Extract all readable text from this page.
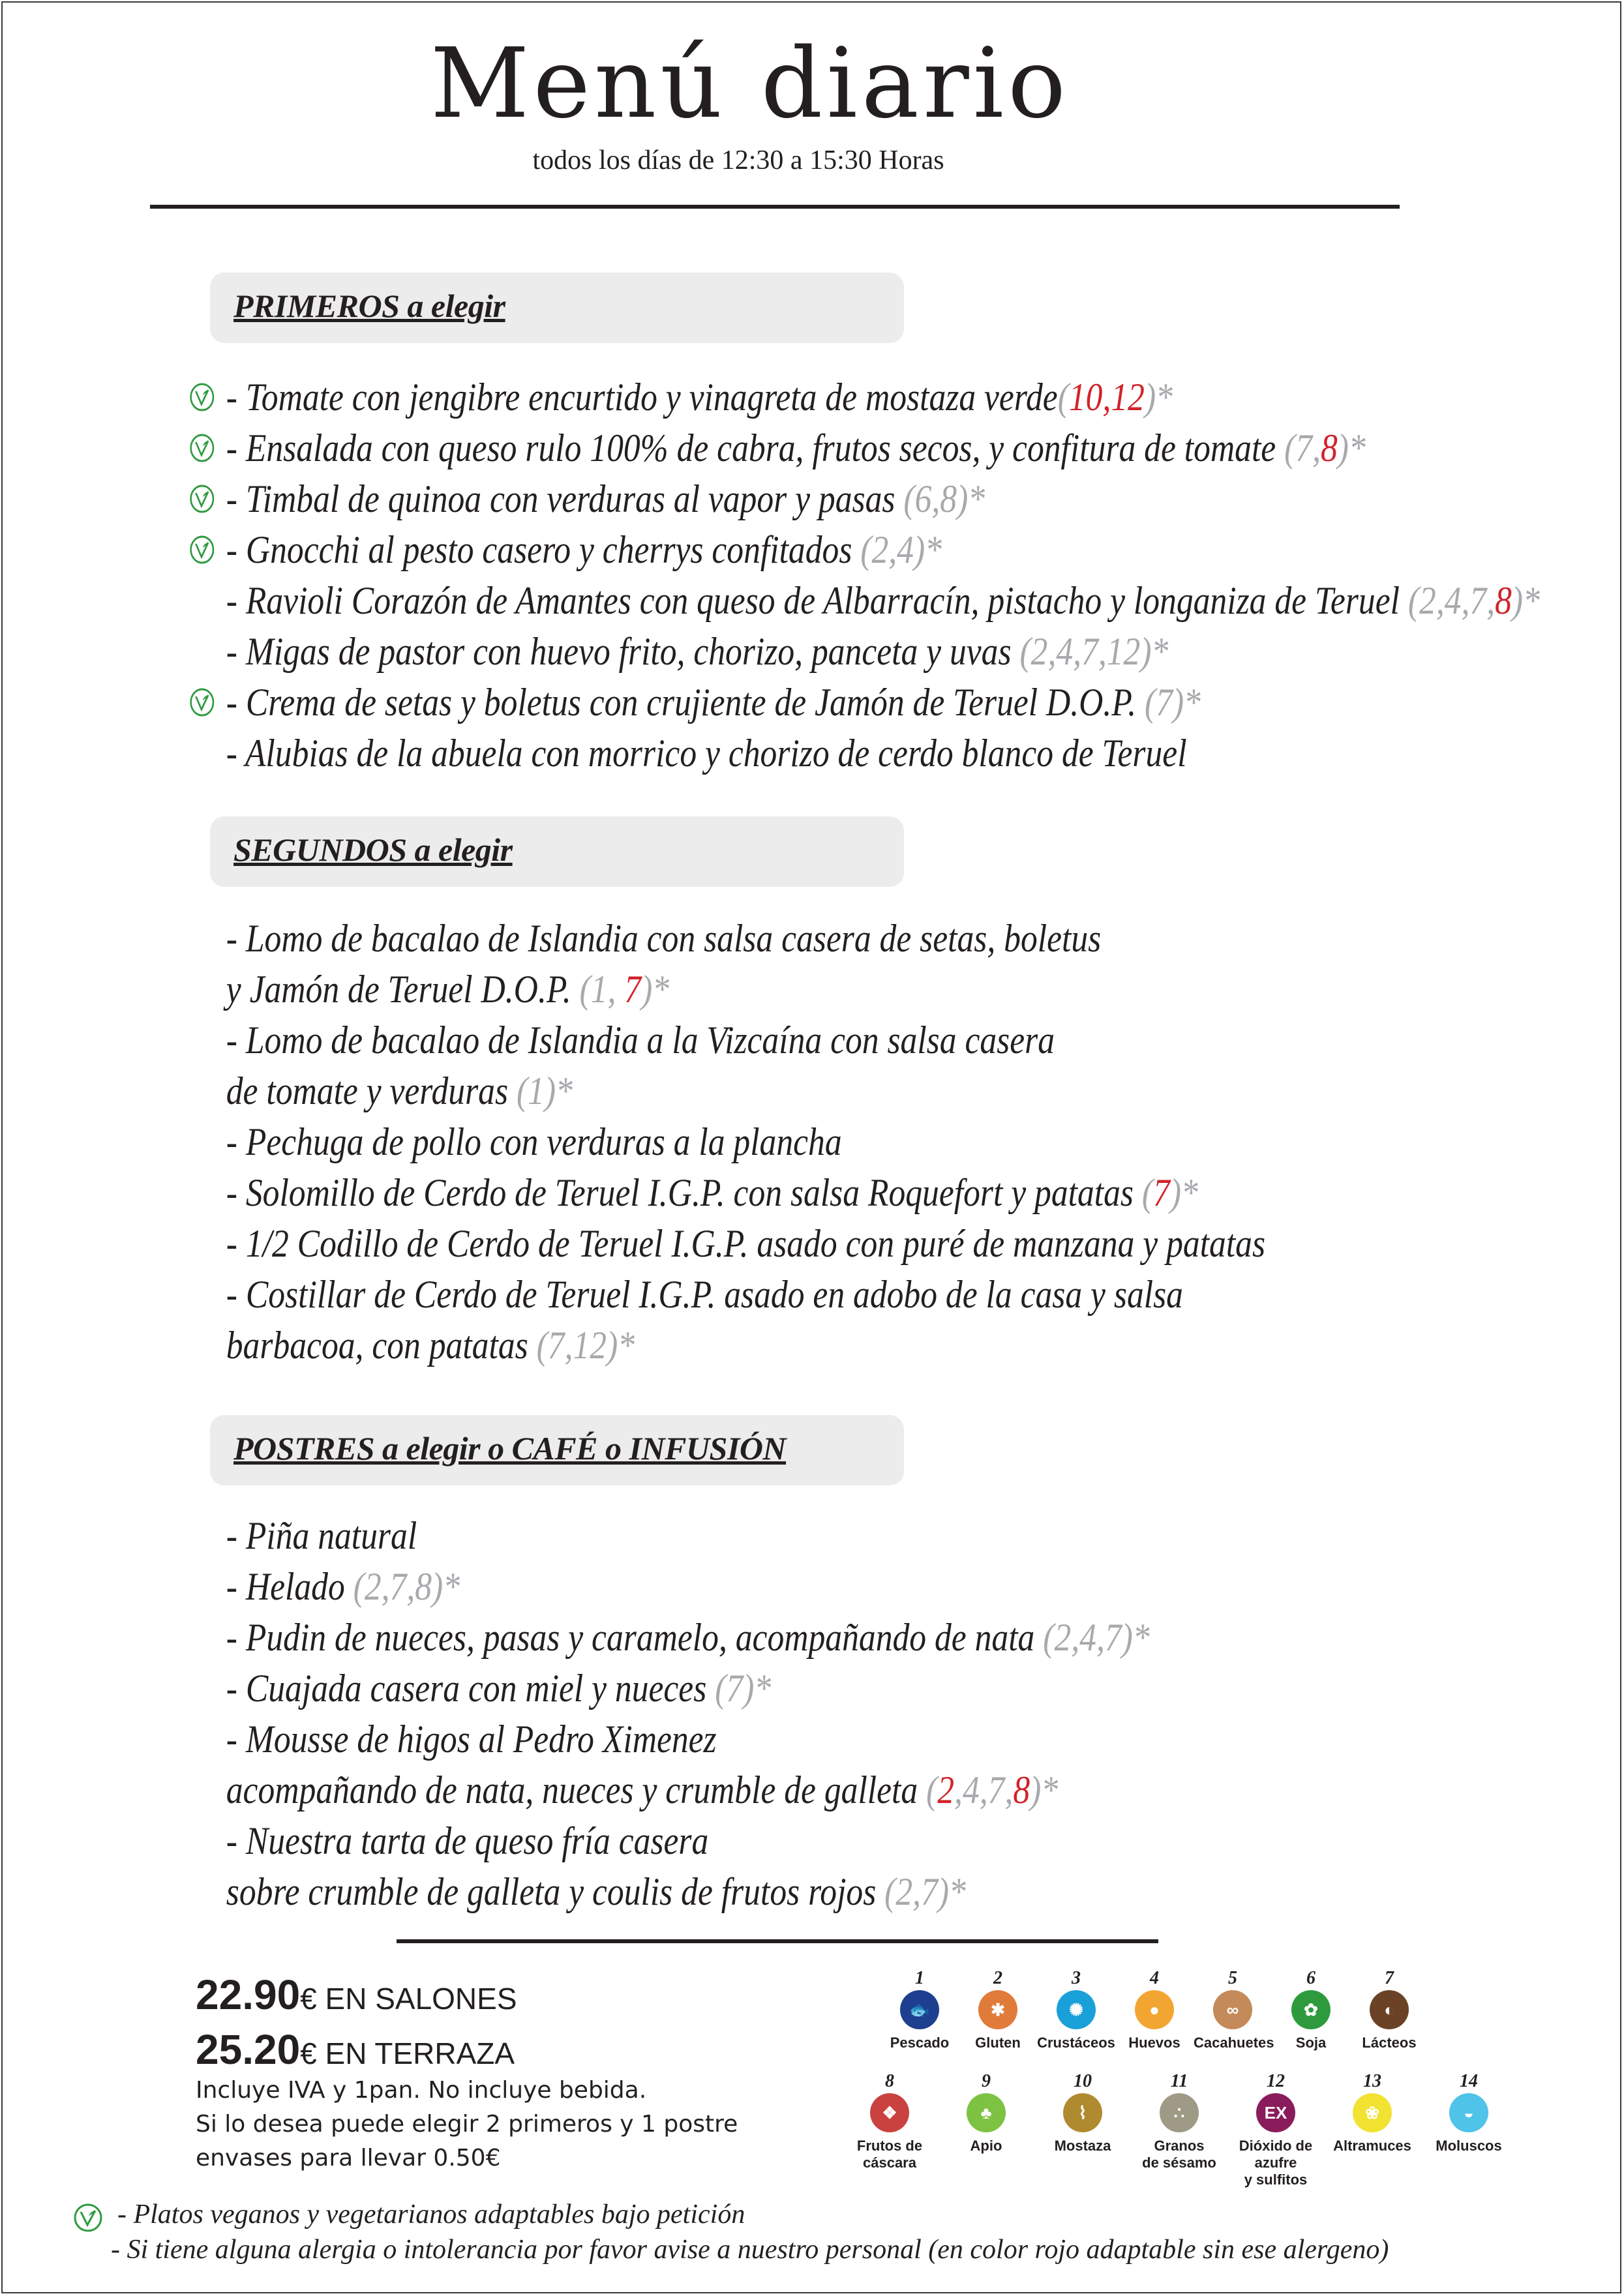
Menú diario
todos los días de 12:30 a 15:30 Horas
PRIMEROS a elegir
- Tomate con jengibre encurtido y vinagreta de mostaza verde(10,12)*
- Ensalada con queso rulo 100% de cabra, frutos secos, y confitura de tomate (7,8)*
- Timbal de quinoa con verduras al vapor y pasas (6,8)*
- Gnocchi al pesto casero y cherrys confitados (2,4)*
- Ravioli Corazón de Amantes con queso de Albarracín, pistacho y longaniza de Teruel (2,4,7,8)*
- Migas de pastor con huevo frito, chorizo, panceta y uvas (2,4,7,12)*
- Crema de setas y boletus con crujiente de Jamón de Teruel D.O.P. (7)*
- Alubias de la abuela con morrico y chorizo de cerdo blanco de Teruel
SEGUNDOS a elegir
- Lomo de bacalao de Islandia con salsa casera de setas, boletus
y Jamón de Teruel D.O.P. (1, 7)*
- Lomo de bacalao de Islandia a la Vizcaína con salsa casera
de tomate y verduras (1)*
- Pechuga de pollo con verduras a la plancha
- Solomillo de Cerdo de Teruel I.G.P. con salsa Roquefort y patatas (7)*
- 1/2 Codillo de Cerdo de Teruel I.G.P. asado con puré de manzana y patatas
- Costillar de Cerdo de Teruel I.G.P. asado en adobo de la casa y salsa
barbacoa, con patatas (7,12)*
POSTRES a elegir o CAFÉ o INFUSIÓN
- Piña natural
- Helado (2,7,8)*
- Pudin de nueces, pasas y caramelo, acompañando de nata (2,4,7)*
- Cuajada casera con miel y nueces (7)*
- Mousse de higos al Pedro Ximenez
acompañando de nata, nueces y crumble de galleta (2,4,7,8)*
- Nuestra tarta de queso fría casera
sobre crumble de galleta y coulis de frutos rojos (2,7)*
22.90€ EN SALONES
25.20€ EN TERRAZA
Incluye IVA y 1pan. No incluye bebida.
Si lo desea puede elegir 2 primeros y 1 postre
envases para llevar 0.50€
1
🐟
Pescado
2
✱
Gluten
3
✺
Crustáceos
4
●
Huevos
5
∞
Cacahuetes
6
✿
Soja
7
◐
Lácteos
8
❖
Frutos de
cáscara
9
♣
Apio
10
⌇
Mostaza
11
∴
Granos
de sésamo
12
EX
Dióxido de azufre
y sulfitos
13
❀
Altramuces
14
◒
Moluscos
- Platos veganos y vegetarianos adaptables bajo petición
- Si tiene alguna alergia o intolerancia por favor avise a nuestro personal (en color rojo adaptable sin ese alergeno)
